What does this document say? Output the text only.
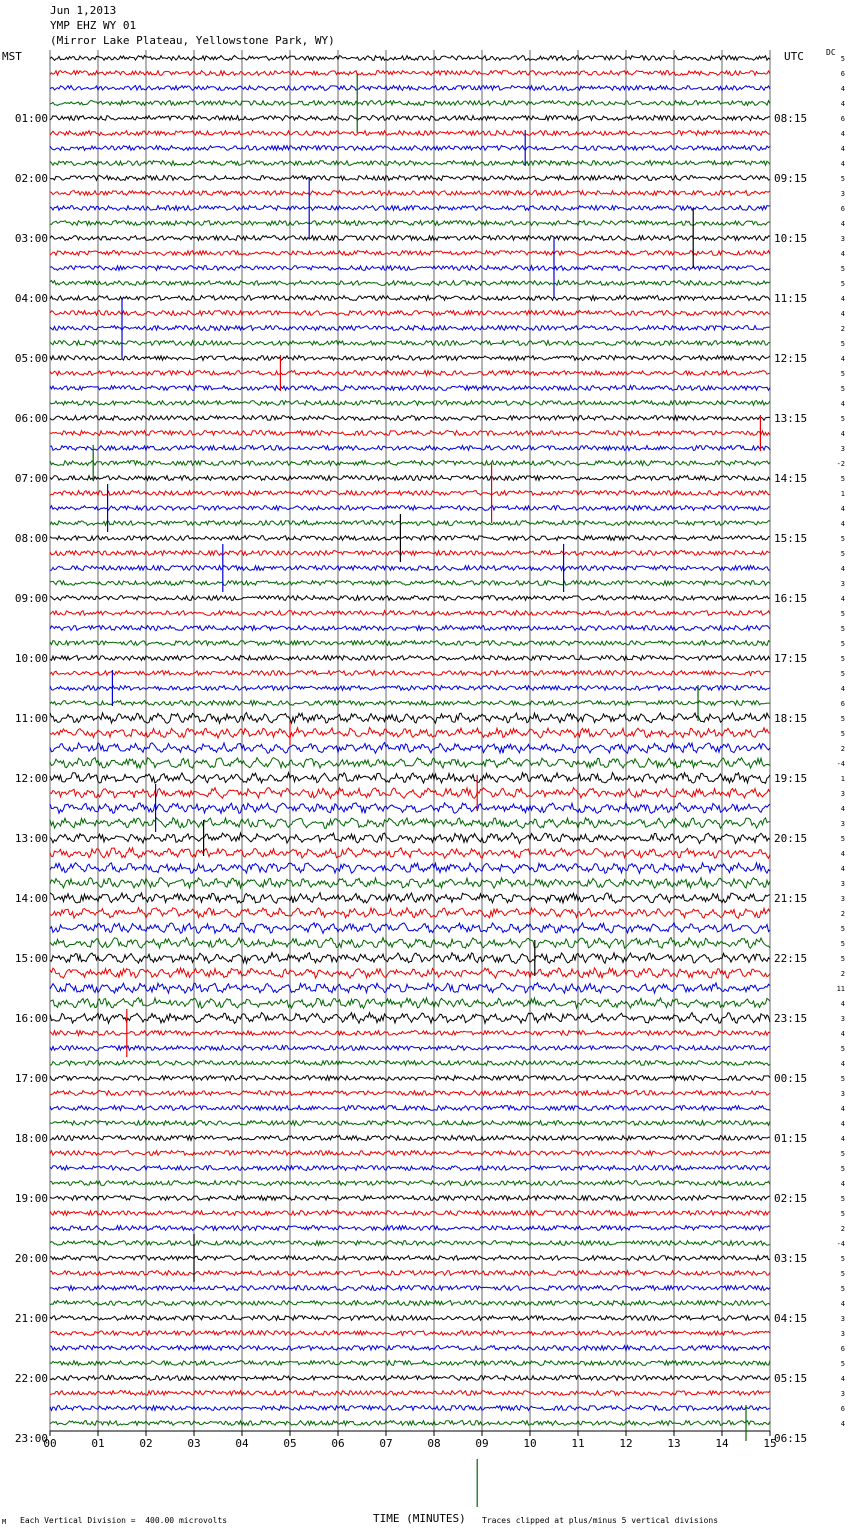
Jun 1,2013
YMP EHZ WY 01
(Mirror Lake Plateau, Yellowstone Park, WY)
MST	UTC	DC
01:00
02:00
03:00
04:00
05:00
06:00
07:00
08:00
09:00
10:00
11:00
12:00
13:00
14:00
15:00
16:00
17:00
18:00
19:00
20:00
21:00
22:00
23:00
08:15
09:15
10:15
11:15
12:15
13:15
14:15
15:15
16:15
17:15
18:15
19:15
20:15
21:15
22:15
23:15
00:15
01:15
02:15
03:15
04:15
05:15
06:15
5
6
4
4
6
4
4
4
5
3
6
4
3
4
5
5
4
4
2
5
4
5
5
4
5
4
3
-2
5
1
4
4
5
5
4
3
4
5
5
5
5
5
4
6
5
5
2
-4
1
3
4
3
5
4
4
3
3
2
5
5
5
2
11
4
3
4
5
4
5
3
4
4
4
5
5
4
5
5
2
-4
5
5
5
4
3
3
6
5
4
3
6
4
00	01	02	03	04	05	06	07	08	09	10	11	12	13	14	15
M Each Vertical Division =  400.00 microvolts	TIME (MINUTES) Traces clipped at plus/minus 5 vertical divisions
